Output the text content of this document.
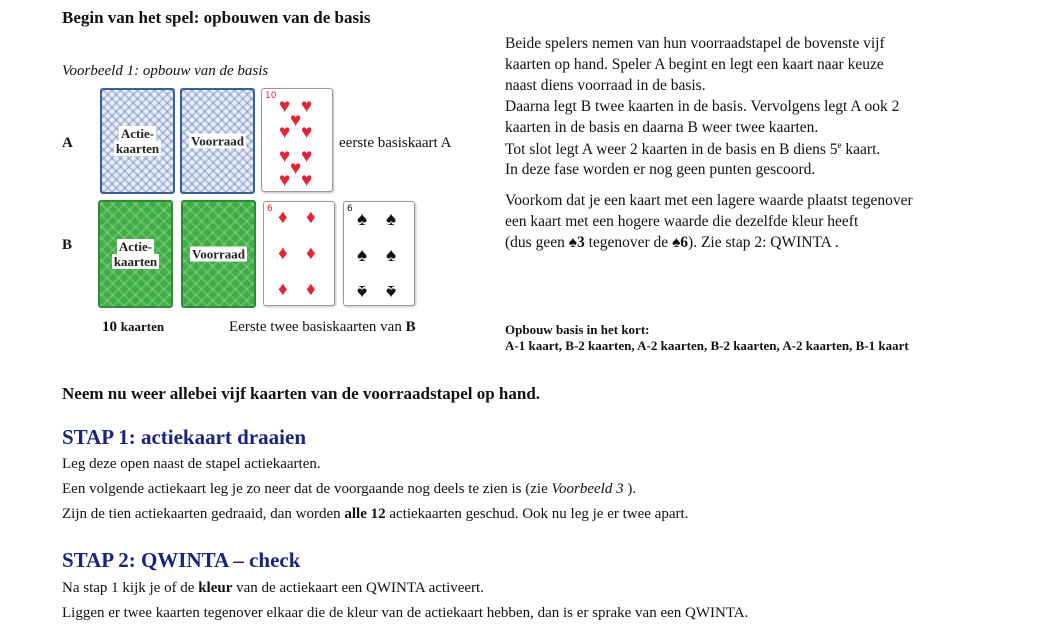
Begin van het spel: opbouwen van de basis
Voorbeeld 1: opbouw van de basis
A
B
Actie-
kaarten	Voorraad
10 ♥ ♥
♥
♥ ♥
♥ ♥
♥
♥ ♥
eerste basiskaart A
Actie-
kaarten	Voorraad
6 ♦ ♦
♦ ♦
♦ ♦
6 ♠ ♠
♠ ♠
♠ ♠
10 kaarten	Eerste twee basiskaarten van B
Beide spelers nemen van hun voorraadstapel de bovenste vijf
kaarten op hand. Speler A begint en legt een kaart naar keuze
naast diens voorraad in de basis.
Daarna legt B twee kaarten in de basis. Vervolgens legt A ook 2
kaarten in de basis en daarna B weer twee kaarten.
Tot slot legt A weer 2 kaarten in de basis en B diens 5e kaart.
In deze fase worden er nog geen punten gescoord.
Voorkom dat je een kaart met een lagere waarde plaatst tegenover
een kaart met een hogere waarde die dezelfde kleur heeft
(dus geen ♠3 tegenover de ♠6). Zie stap 2: QWINTA .
Opbouw basis in het kort:
A-1 kaart, B-2 kaarten, A-2 kaarten, B-2 kaarten, A-2 kaarten, B-1 kaart
Neem nu weer allebei vijf kaarten van de voorraadstapel op hand.
STAP 1: actiekaart draaien
Leg deze open naast de stapel actiekaarten.
Een volgende actiekaart leg je zo neer dat de voorgaande nog deels te zien is (zie Voorbeeld 3 ).
Zijn de tien actiekaarten gedraaid, dan worden alle 12 actiekaarten geschud. Ook nu leg je er twee apart.
STAP 2: QWINTA – check
Na stap 1 kijk je of de kleur van de actiekaart een QWINTA activeert.
Liggen er twee kaarten tegenover elkaar die de kleur van de actiekaart hebben, dan is er sprake van een QWINTA.
